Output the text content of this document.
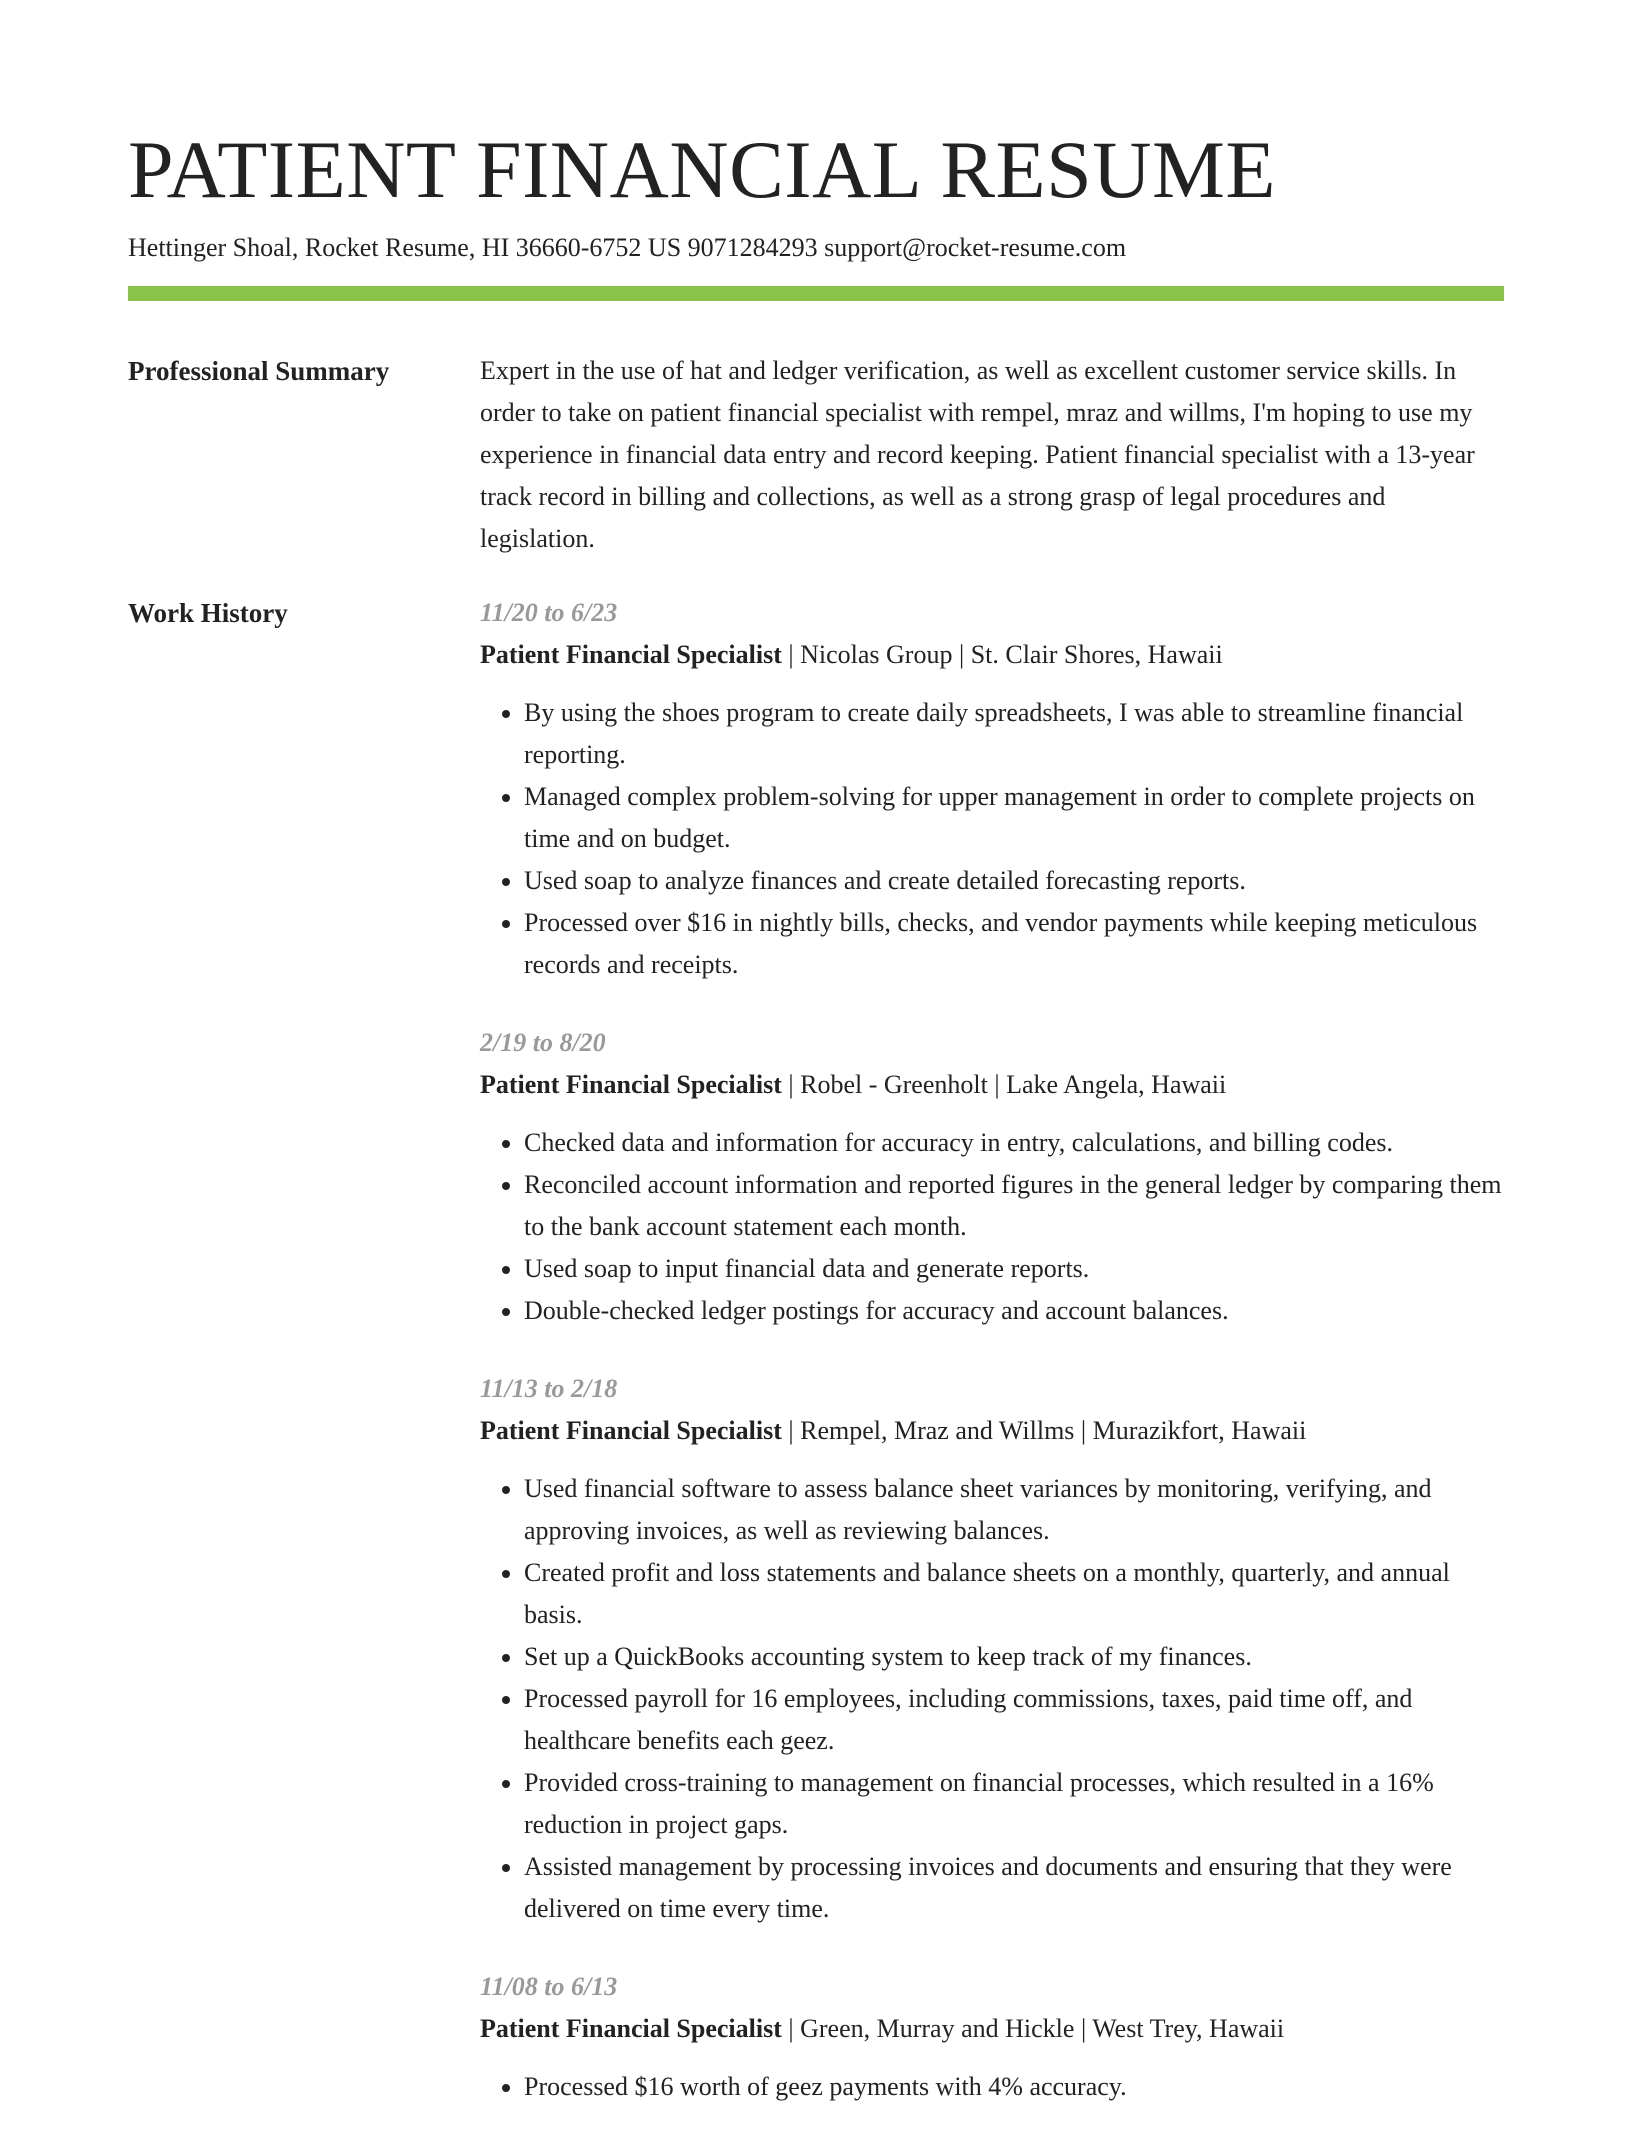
PATIENT FINANCIAL RESUME
Hettinger Shoal, Rocket Resume, HI 36660-6752 US 9071284293 support@rocket-resume.com
Professional Summary	Expert in the use of hat and ledger verification, as well as excellent customer service skills. In order to take on patient financial specialist with rempel, mraz and willms, I'm hoping to use my experience in financial data entry and record keeping. Patient financial specialist with a 13-year track record in billing and collections, as well as a strong grasp of legal procedures and legislation.

Work History	11/20 to 6/23
Patient Financial Specialist | Nicolas Group | St. Clair Shores, Hawaii
• By using the shoes program to create daily spreadsheets, I was able to streamline financial reporting.
• Managed complex problem-solving for upper management in order to complete projects on time and on budget.
• Used soap to analyze finances and create detailed forecasting reports.
• Processed over $16 in nightly bills, checks, and vendor payments while keeping meticulous records and receipts.
2/19 to 8/20
Patient Financial Specialist | Robel - Greenholt | Lake Angela, Hawaii
• Checked data and information for accuracy in entry, calculations, and billing codes.
• Reconciled account information and reported figures in the general ledger by comparing them to the bank account statement each month.
• Used soap to input financial data and generate reports.
• Double-checked ledger postings for accuracy and account balances.
11/13 to 2/18
Patient Financial Specialist | Rempel, Mraz and Willms | Murazikfort, Hawaii
• Used financial software to assess balance sheet variances by monitoring, verifying, and approving invoices, as well as reviewing balances.
• Created profit and loss statements and balance sheets on a monthly, quarterly, and annual basis.
• Set up a QuickBooks accounting system to keep track of my finances.
• Processed payroll for 16 employees, including commissions, taxes, paid time off, and healthcare benefits each geez.
• Provided cross-training to management on financial processes, which resulted in a 16% reduction in project gaps.
• Assisted management by processing invoices and documents and ensuring that they were delivered on time every time.
11/08 to 6/13
Patient Financial Specialist | Green, Murray and Hickle | West Trey, Hawaii
• Processed $16 worth of geez payments with 4% accuracy.
